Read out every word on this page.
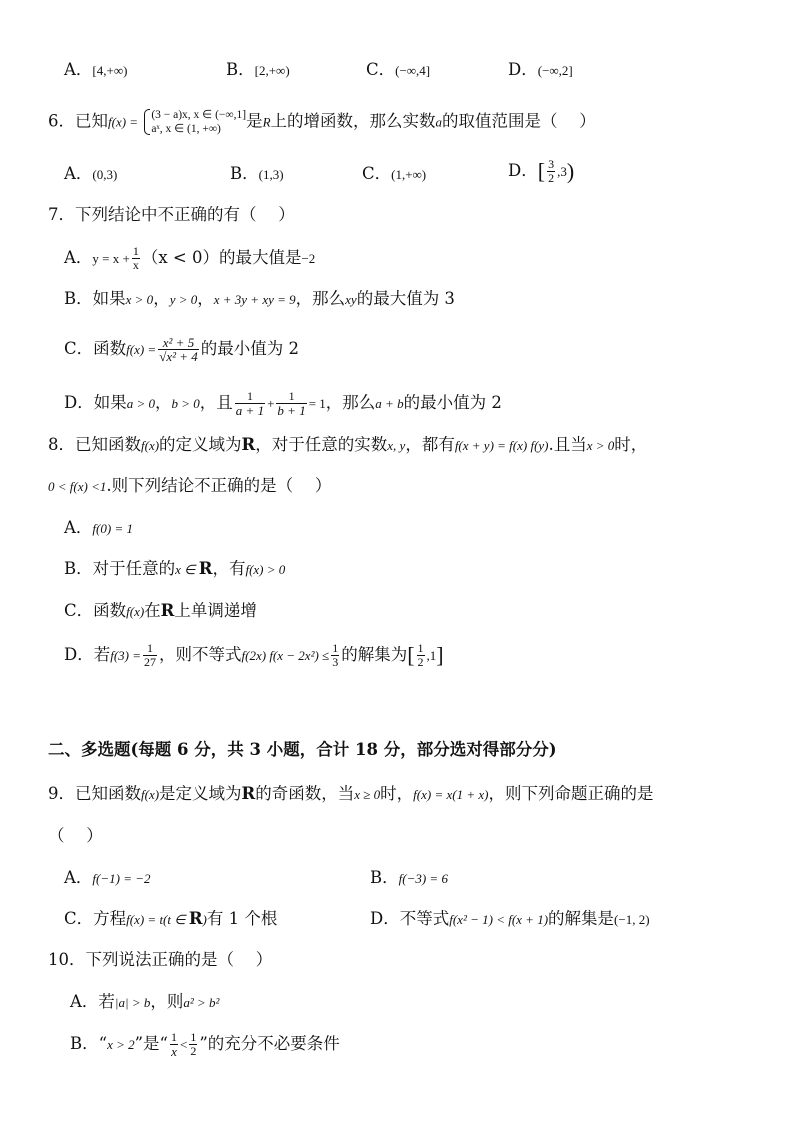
A．[4,+∞)	B．[2,+∞)	C．(−∞,4]	D．(−∞,2]
6．已知f(x) = (3 − a)x, x ∈ (−∞,1]
aˣ, x ∈ (1, +∞)	是R上的增函数，那么实数a的取值范围是（　 ）
A．(0,3)	B．(1,3)	C．(1,+∞)	D．[ $\frac{3}{2} ,3$)
7．下列结论中不正确的有（　 ）
A．$y = x + \frac{1}{x} (x < 0)$的最大值是−2
B．如果x > 0，y > 0，x + 3y + xy = 9，那么xy的最大值为 3
C．函数$f(x) = \frac{\text{x² + 5}}{\text{√x² + 4}}$ 的最小值为 2
D．如果a > 0，b > 0，且 $\frac{1}{a + 1} + \frac{1}{b + 1} = 1$，那么a + b的最小值为 2
8．已知函数f(x)的定义域为R，对于任意的实数x, y，都有f(x + y) = f(x) f(y).且当x > 0时，
0 < f(x) <1.则下列结论不正确的是（　 ）
A．f(0) = 1
B．对于任意的x ∈ R，有f(x) > 0
C．函数f(x)在R上单调递增
D．若$f(3) = \frac{1}{27}$ ，则不等式f(2x) $f(x - 2x^2) \le \frac{1}{3}$ 的解集为[ $\frac{1}{2} ,1$]
二、多选题(每题 6 分，共 3 小题，合计 18 分，部分选对得部分分)
9．已知函数f(x)是定义域为R的奇函数，当x ≥ 0时，f(x) = x(1 + x)，则下列命题正确的是
（　 ）
A．f(−1) = −2	B．f(−3) = 6
C．方程f(x) = t(t ∈ R)有 1 个根	D．不等式f(x² − 1) < f(x + 1)的解集是(−1, 2)
10．下列说法正确的是（　 ）
A．若|a| > b，则a² > b²
B．“x > 2”是“ $\frac{1}{x} < \frac{1}{2}$ ”的充分不必要条件
